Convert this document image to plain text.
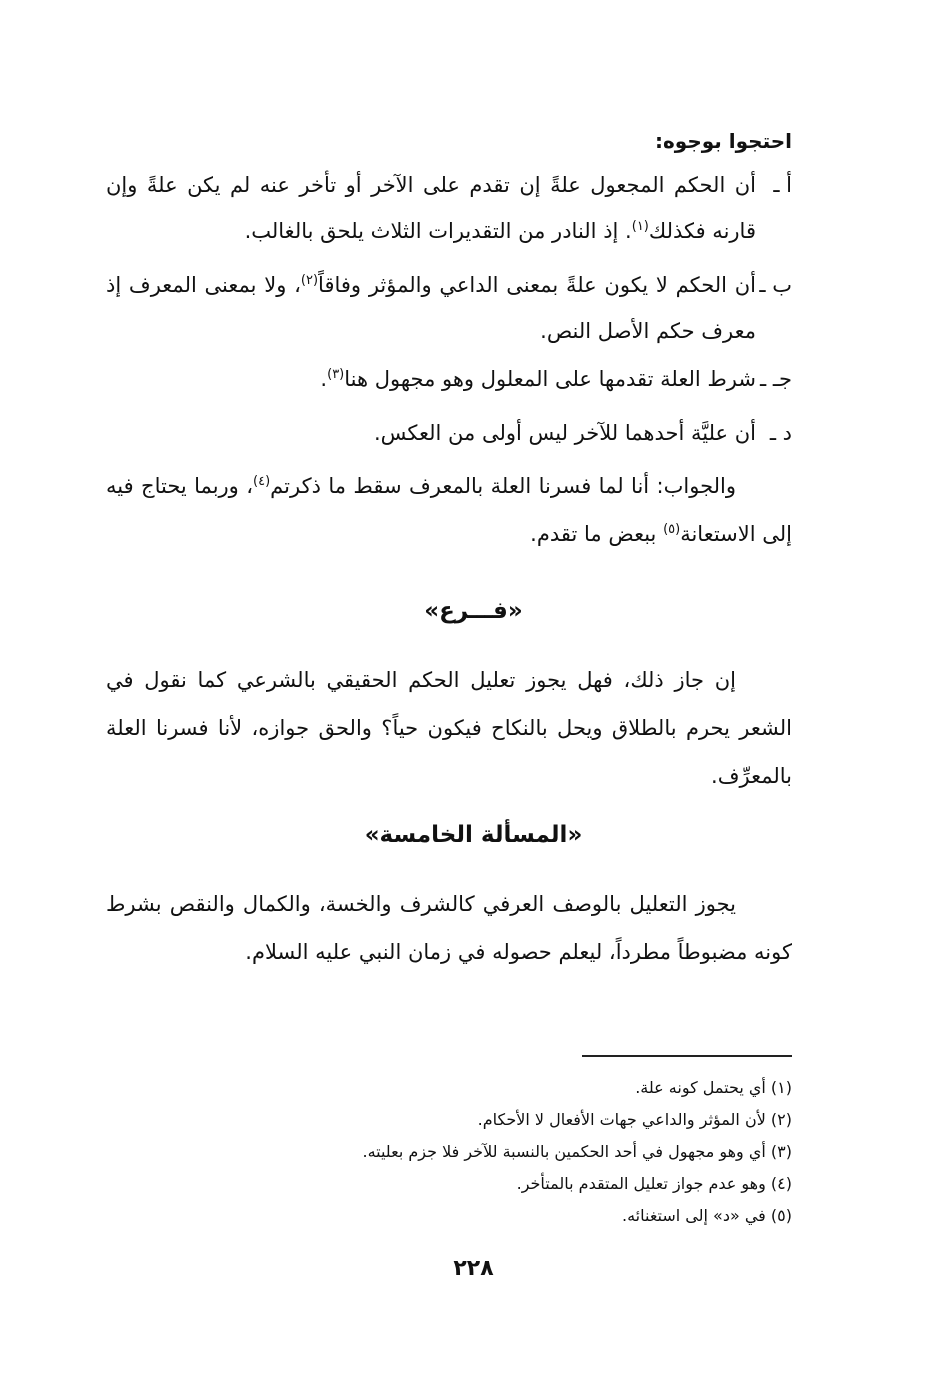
احتجوا بوجوه:
أ ـ
أن الحكم المجعول علةً إن تقدم على الآخر أو تأخر عنه لم يكن علةً وإن قارنه فكذلك$^{(١)}$. إذ النادر من التقديرات الثلاث يلحق بالغالب.
ب ـ
أن الحكم لا يكون علةً بمعنى الداعي والمؤثر وفاقاً$^{(٢)}$، ولا بمعنى المعرف إذ معرف حكم الأصل النص.
جـ ـ
شرط العلة تقدمها على المعلول وهو مجهول هنا$^{(٣)}$.
د ـ
أن عليَّة أحدهما للآخر ليس أولى من العكس.
والجواب: أنا لما فسرنا العلة بالمعرف سقط ما ذكرتم$^{(٤)}$، وربما يحتاج فيه إلى الاستعانة$^{(٥)}$ ببعض ما تقدم.
«فـــرع»
إن جاز ذلك، فهل يجوز تعليل الحكم الحقيقي بالشرعي كما نقول في الشعر يحرم بالطلاق ويحل بالنكاح فيكون حياً؟ والحق جوازه، لأنا فسرنا العلة بالمعرِّف.
«المسألة الخامسة»
يجوز التعليل بالوصف العرفي كالشرف والخسة، والكمال والنقص بشرط كونه مضبوطاً مطرداً، ليعلم حصوله في زمان النبي عليه السلام.
(١) أي يحتمل كونه علة.
(٢) لأن المؤثر والداعي جهات الأفعال لا الأحكام.
(٣) أي وهو مجهول في أحد الحكمين بالنسبة للآخر فلا جزم بعليته.
(٤) وهو عدم جواز تعليل المتقدم بالمتأخر.
(٥) في «د» إلى استغنائه.
٢٢٨
